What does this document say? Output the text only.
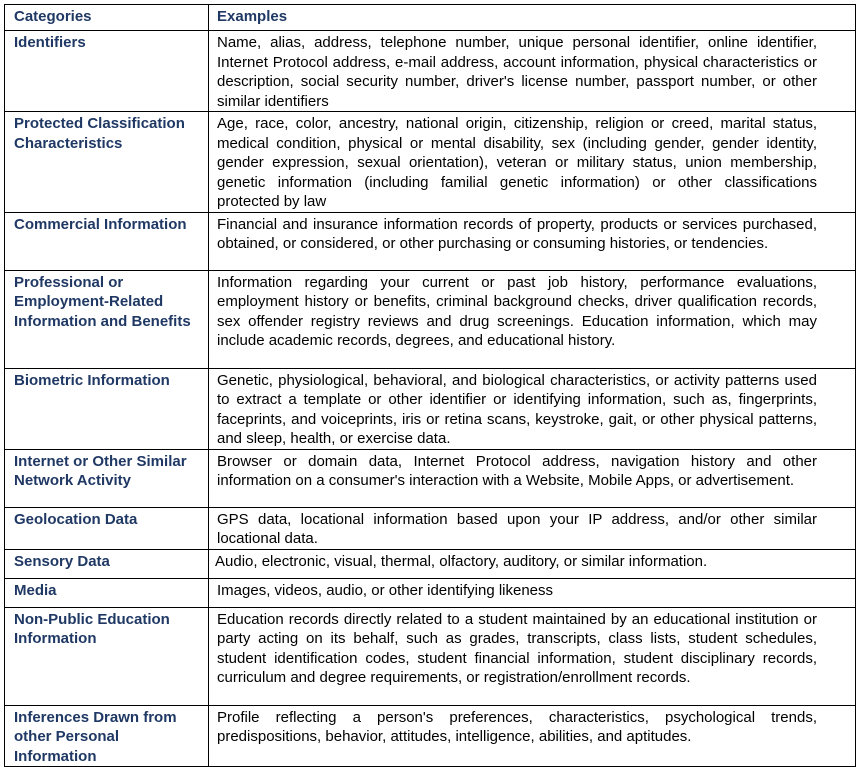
Categories	Examples
Identifiers	Name, alias, address, telephone number, unique personal identifier, online identifier, Internet Protocol address, e-mail address, account information, physical characteristics or description, social security number, driver's license number, passport number, or other similar identifiers
Protected Classification Characteristics	Age, race, color, ancestry, national origin, citizenship, religion or creed, marital status, medical condition, physical or mental disability, sex (including gender, gender identity, gender expression, sexual orientation), veteran or military status, union membership, genetic information (including familial genetic information) or other classifications protected by law
Commercial Information	Financial and insurance information records of property, products or services purchased, obtained, or considered, or other purchasing or consuming histories, or tendencies.
Professional or Employment-Related Information and Benefits	Information regarding your current or past job history, performance evaluations, employment history or benefits, criminal background checks, driver qualification records, sex offender registry reviews and drug screenings. Education information, which may include academic records, degrees, and educational history.
Biometric Information	Genetic, physiological, behavioral, and biological characteristics, or activity patterns used to extract a template or other identifier or identifying information, such as, fingerprints, faceprints, and voiceprints, iris or retina scans, keystroke, gait, or other physical patterns, and sleep, health, or exercise data.
Internet or Other Similar Network Activity	Browser or domain data, Internet Protocol address, navigation history and other information on a consumer's interaction with a Website, Mobile Apps, or advertisement.
Geolocation Data	GPS data, locational information based upon your IP address, and/or other similar locational data.
Sensory Data	Audio, electronic, visual, thermal, olfactory, auditory, or similar information.
Media	Images, videos, audio, or other identifying likeness
Non-Public Education Information	Education records directly related to a student maintained by an educational institution or party acting on its behalf, such as grades, transcripts, class lists, student schedules, student identification codes, student financial information, student disciplinary records, curriculum and degree requirements, or registration/enrollment records.
Inferences Drawn from other Personal Information	Profile reflecting a person's preferences, characteristics, psychological trends, predispositions, behavior, attitudes, intelligence, abilities, and aptitudes.
